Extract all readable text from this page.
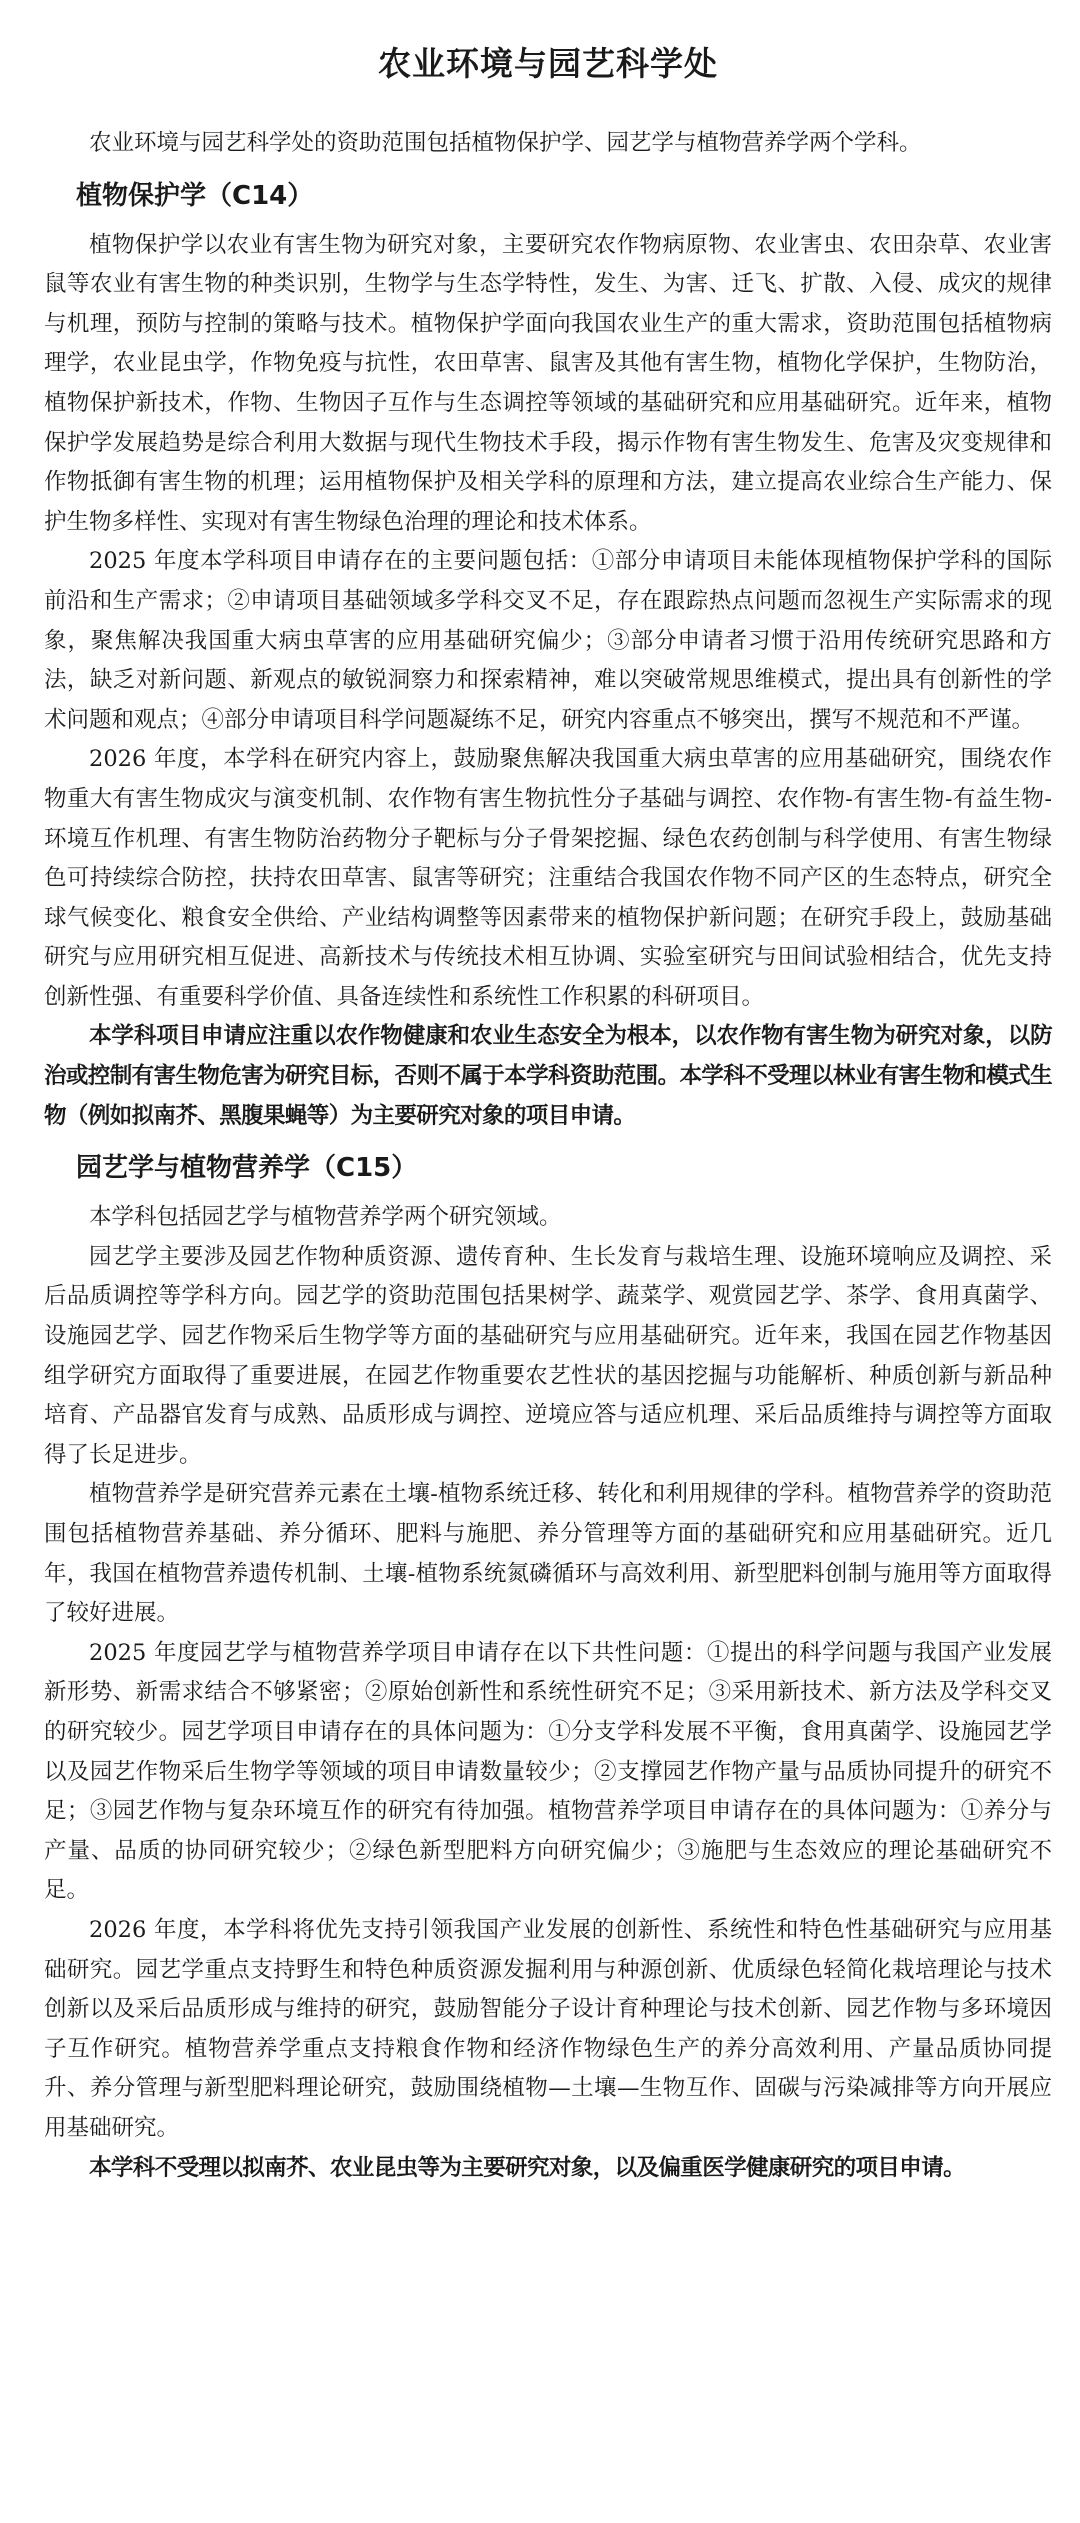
农业环境与园艺科学处

农业环境与园艺科学处的资助范围包括植物保护学、园艺学与植物营养学两个学科。

植物保护学（C14）

植物保护学以农业有害生物为研究对象，主要研究农作物病原物、农业害虫、农田杂草、农业害鼠等农业有害生物的种类识别，生物学与生态学特性，发生、为害、迁飞、扩散、入侵、成灾的规律与机理，预防与控制的策略与技术。植物保护学面向我国农业生产的重大需求，资助范围包括植物病理学，农业昆虫学，作物免疫与抗性，农田草害、鼠害及其他有害生物，植物化学保护，生物防治，植物保护新技术，作物、生物因子互作与生态调控等领域的基础研究和应用基础研究。近年来，植物保护学发展趋势是综合利用大数据与现代生物技术手段，揭示作物有害生物发生、危害及灾变规律和作物抵御有害生物的机理；运用植物保护及相关学科的原理和方法，建立提高农业综合生产能力、保护生物多样性、实现对有害生物绿色治理的理论和技术体系。

2025 年度本学科项目申请存在的主要问题包括：①部分申请项目未能体现植物保护学科的国际前沿和生产需求；②申请项目基础领域多学科交叉不足，存在跟踪热点问题而忽视生产实际需求的现象，聚焦解决我国重大病虫草害的应用基础研究偏少；③部分申请者习惯于沿用传统研究思路和方法，缺乏对新问题、新观点的敏锐洞察力和探索精神，难以突破常规思维模式，提出具有创新性的学术问题和观点；④部分申请项目科学问题凝练不足，研究内容重点不够突出，撰写不规范和不严谨。

2026 年度，本学科在研究内容上，鼓励聚焦解决我国重大病虫草害的应用基础研究，围绕农作物重大有害生物成灾与演变机制、农作物有害生物抗性分子基础与调控、农作物-有害生物-有益生物-环境互作机理、有害生物防治药物分子靶标与分子骨架挖掘、绿色农药创制与科学使用、有害生物绿色可持续综合防控，扶持农田草害、鼠害等研究；注重结合我国农作物不同产区的生态特点，研究全球气候变化、粮食安全供给、产业结构调整等因素带来的植物保护新问题；在研究手段上，鼓励基础研究与应用研究相互促进、高新技术与传统技术相互协调、实验室研究与田间试验相结合，优先支持创新性强、有重要科学价值、具备连续性和系统性工作积累的科研项目。

本学科项目申请应注重以农作物健康和农业生态安全为根本，以农作物有害生物为研究对象，以防治或控制有害生物危害为研究目标，否则不属于本学科资助范围。本学科不受理以林业有害生物和模式生物（例如拟南芥、黑腹果蝇等）为主要研究对象的项目申请。

园艺学与植物营养学（C15）

本学科包括园艺学与植物营养学两个研究领域。

园艺学主要涉及园艺作物种质资源、遗传育种、生长发育与栽培生理、设施环境响应及调控、采后品质调控等学科方向。园艺学的资助范围包括果树学、蔬菜学、观赏园艺学、茶学、食用真菌学、设施园艺学、园艺作物采后生物学等方面的基础研究与应用基础研究。近年来，我国在园艺作物基因组学研究方面取得了重要进展，在园艺作物重要农艺性状的基因挖掘与功能解析、种质创新与新品种培育、产品器官发育与成熟、品质形成与调控、逆境应答与适应机理、采后品质维持与调控等方面取得了长足进步。

植物营养学是研究营养元素在土壤-植物系统迁移、转化和利用规律的学科。植物营养学的资助范围包括植物营养基础、养分循环、肥料与施肥、养分管理等方面的基础研究和应用基础研究。近几年，我国在植物营养遗传机制、土壤-植物系统氮磷循环与高效利用、新型肥料创制与施用等方面取得了较好进展。

2025 年度园艺学与植物营养学项目申请存在以下共性问题：①提出的科学问题与我国产业发展新形势、新需求结合不够紧密；②原始创新性和系统性研究不足；③采用新技术、新方法及学科交叉的研究较少。园艺学项目申请存在的具体问题为：①分支学科发展不平衡，食用真菌学、设施园艺学以及园艺作物采后生物学等领域的项目申请数量较少；②支撑园艺作物产量与品质协同提升的研究不足；③园艺作物与复杂环境互作的研究有待加强。植物营养学项目申请存在的具体问题为：①养分与产量、品质的协同研究较少；②绿色新型肥料方向研究偏少；③施肥与生态效应的理论基础研究不足。

2026 年度，本学科将优先支持引领我国产业发展的创新性、系统性和特色性基础研究与应用基础研究。园艺学重点支持野生和特色种质资源发掘利用与种源创新、优质绿色轻简化栽培理论与技术创新以及采后品质形成与维持的研究，鼓励智能分子设计育种理论与技术创新、园艺作物与多环境因子互作研究。植物营养学重点支持粮食作物和经济作物绿色生产的养分高效利用、产量品质协同提升、养分管理与新型肥料理论研究，鼓励围绕植物—土壤—生物互作、固碳与污染减排等方向开展应用基础研究。

本学科不受理以拟南芥、农业昆虫等为主要研究对象，以及偏重医学健康研究的项目申请。
